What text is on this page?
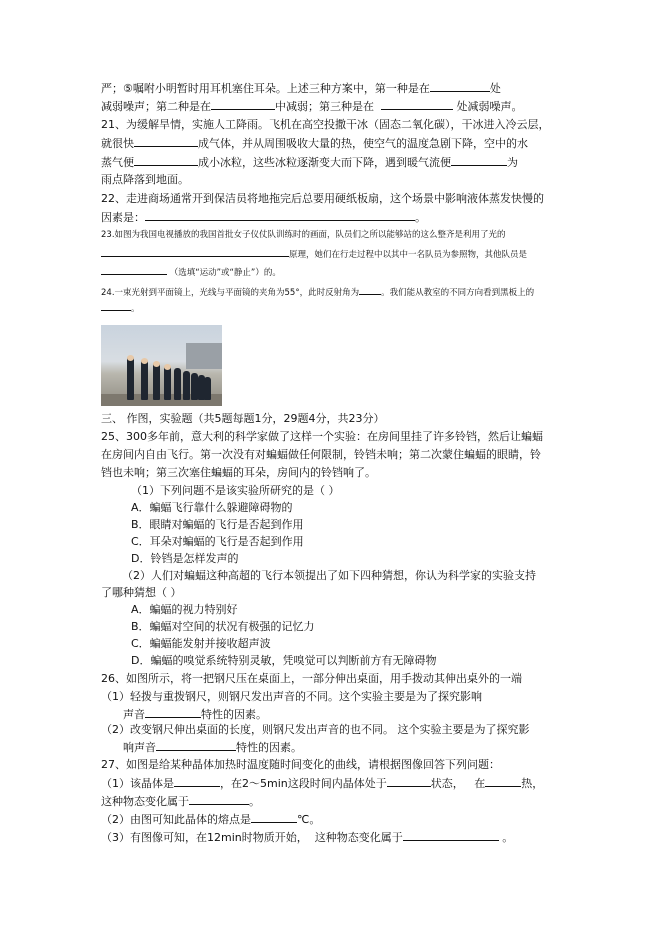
严；⑤嘱咐小明暂时用耳机塞住耳朵。上述三种方案中，第一种是在	处
减弱噪声；第二种是在	中减弱；第三种是在	处减弱噪声。
21、为缓解旱情，实施人工降雨。飞机在高空投撒干冰（固态二氧化碳），干冰进入冷云层，
就很快	成气体，并从周围吸收大量的热，使空气的温度急剧下降，空中的水
蒸气便	成小冰粒，这些冰粒逐渐变大而下降，遇到暖气流便	为
雨点降落到地面。
22、走进商场通常开到保洁员将地拖完后总要用硬纸板扇，这个场景中影响液体蒸发快慢的
因素是：	。
23.如图为我国电视播放的我国首批女子仪仗队训练时的画面，队员们之所以能够站的这么整齐是利用了光的
原理，她们在行走过程中以其中一名队员为参照物，其他队员是
（选填“运动”或“静止”）的。
24.一束光射到平面镜上，光线与平面镜的夹角为55°，此时反射角为	。我们能从教室的不同方向看到黑板上的
。
三、 作图，实验题（共5题每题1分，29题4分，共23分）
25、300多年前，意大利的科学家做了这样一个实验：在房间里挂了许多铃铛，然后让蝙蝠
在房间内自由飞行。第一次没有对蝙蝠做任何限制，铃铛未响；第二次蒙住蝙蝠的眼睛，铃
铛也未响；第三次塞住蝙蝠的耳朵，房间内的铃铛响了。
（1）下列问题不是该实验所研究的是（ ）
A．蝙蝠飞行靠什么躲避障碍物的
B．眼睛对蝙蝠的飞行是否起到作用
C．耳朵对蝙蝠的飞行是否起到作用
D．铃铛是怎样发声的
（2）人们对蝙蝠这种高超的飞行本领提出了如下四种猜想，你认为科学家的实验支持
了哪种猜想（ ）
A．蝙蝠的视力特别好
B．蝙蝠对空间的状况有极强的记忆力
C．蝙蝠能发射并接收超声波
D．蝙蝠的嗅觉系统特别灵敏，凭嗅觉可以判断前方有无障碍物
26、如图所示，将一把钢尺压在桌面上，一部分伸出桌面，用手拨动其伸出桌外的一端
（1）轻拨与重拨钢尺，则钢尺发出声音的不同。这个实验主要是为了探究影响
声音	特性的因素。
（2）改变钢尺伸出桌面的长度，则钢尺发出声音的也不同。 这个实验主要是为了探究影
响声音	特性的因素。
27、如图是给某种晶体加热时温度随时间变化的曲线，请根据图像回答下列问题：
（1）该晶体是	，在2～5min这段时间内晶体处于	状态， 在	热，
这种物态变化属于	。
（2）由图可知此晶体的熔点是	℃。
（3）有图像可知，在12min时物质开始， 这种物态变化属于	。
